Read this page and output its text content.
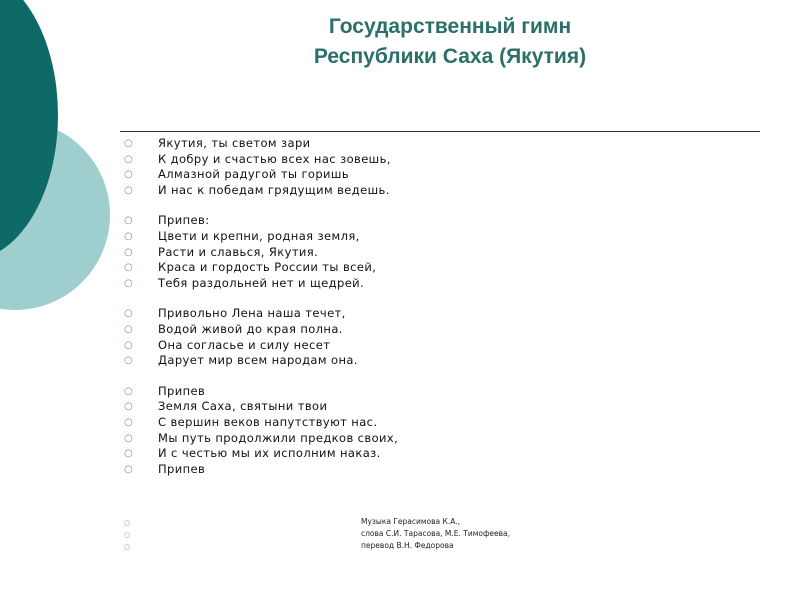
Государственный гимн
Республики Саха (Якутия)
○	Якутия, ты светом зари
○	К добру и счастью всех нас зовешь,
○	Алмазной радугой ты горишь
○	И нас к победам грядущим ведешь.
○	Припев:
○	Цвети и крепни, родная земля,
○	Расти и славься, Якутия.
○	Краса и гордость России ты всей,
○	Тебя раздольней нет и щедрей.
○	Привольно Лена наша течет,
○	Водой живой до края полна.
○	Она согласье и силу несет
○	Дарует мир всем народам она.
○	Припев
○	Земля Саха, святыни твои
○	С вершин веков напутствуют нас.
○	Мы путь продолжили предков своих,
○	И с честью мы их исполним наказ.
○	Припев
○	Музыка Герасимова К.А.,
○	слова С.И. Тарасова, М.Е. Тимофеева,
○	перевод В.Н. Федорова
